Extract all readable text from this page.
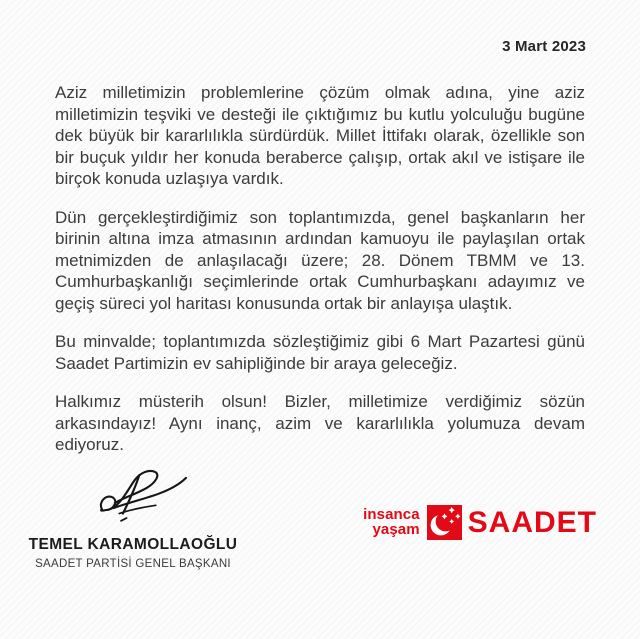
3 Mart 2023

Aziz milletimizin problemlerine çözüm olmak adına, yine aziz milletimizin teşviki ve desteği ile çıktığımız bu kutlu yolculuğu bugüne dek büyük bir kararlılıkla sürdürdük. Millet İttifakı olarak, özellikle son bir buçuk yıldır her konuda beraberce çalışıp, ortak akıl ve istişare ile birçok konuda uzlaşıya vardık.

Dün gerçekleştirdiğimiz son toplantımızda, genel başkanların her birinin altına imza atmasının ardından kamuoyu ile paylaşılan ortak metnimizden de anlaşılacağı üzere; 28. Dönem TBMM ve 13. Cumhurbaşkanlığı seçimlerinde ortak Cumhurbaşkanı adayımız ve geçiş süreci yol haritası konusunda ortak bir anlayışa ulaştık.

Bu minvalde; toplantımızda sözleştiğimiz gibi 6 Mart Pazartesi günü Saadet Partimizin ev sahipliğinde bir araya geleceğiz.

Halkımız müsterih olsun! Bizler, milletimize verdiğimiz sözün arkasındayız! Aynı inanç, azim ve kararlılıkla yolumuza devam ediyoruz.

TEMEL KARAMOLLAOĞLU
SAADET PARTİSİ GENEL BAŞKANI
insanca
yaşam SAADET
